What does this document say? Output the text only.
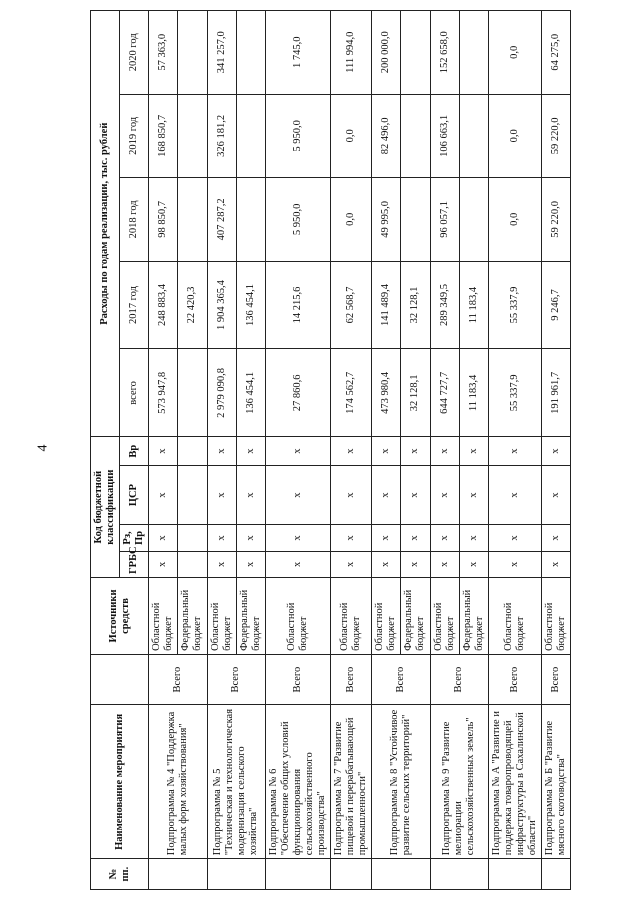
4
№ пп.	Наименование мероприятия		Источники средств	Код бюджетной классификации				Расходы по годам реализации, тыс. рублей				
				ГРБС	Рз, Пр	ЦСР	Вр	всего	2017 год	2018 год	2019 год	2020 год
	Подпрограмма № 4 "Поддержка малых форм хозяйствования"	Всего	Областной бюджет	х	х	х	х	573 947,8	248 883,4	98 850,7	168 850,7	57 363,0
			Федеральный бюджет						22 420,3			
	Подпрограмма № 5 "Техническая и технологическая модернизация сельского хозяйства"	Всего	Областной бюджет	х	х	х	х	2 979 090,8	1 904 365,4	407 287,2	326 181,2	341 257,0
			Федеральный бюджет	х	х	х	х	136 454,1	136 454,1			
	Подпрограмма № 6 "Обеспечение общих условий функционирования сельскохозяйственного производства"	Всего	Областной бюджет	х	х	х	х	27 860,6	14 215,6	5 950,0	5 950,0	1 745,0
	Подпрограмма № 7 "Развитие пищевой и перерабатывающей промышленности"	Всего	Областной бюджет	х	х	х	х	174 562,7	62 568,7	0,0	0,0	111 994,0
	Подпрограмма № 8 "Устойчивое развитие сельских территорий"	Всего	Областной бюджет	х	х	х	х	473 980,4	141 489,4	49 995,0	82 496,0	200 000,0
			Федеральный бюджет	х	х	х	х	32 128,1	32 128,1			
	Подпрограмма № 9 "Развитие мелиорации сельскохозяйственных земель"	Всего	Областной бюджет	х	х	х	х	644 727,7	289 349,5	96 057,1	106 663,1	152 658,0
			Федеральный бюджет	х	х	х	х	11 183,4	11 183,4			
	Подпрограмма № А "Развитие и поддержка товаропроводящей инфраструктуры в Сахалинской области"	Всего	Областной бюджет	х	х	х	х	55 337,9	55 337,9	0,0	0,0	0,0
	Подпрограмма № Б "Развитие мясного скотоводства"	Всего	Областной бюджет	х	х	х	х	191 961,7	9 246,7	59 220,0	59 220,0	64 275,0
